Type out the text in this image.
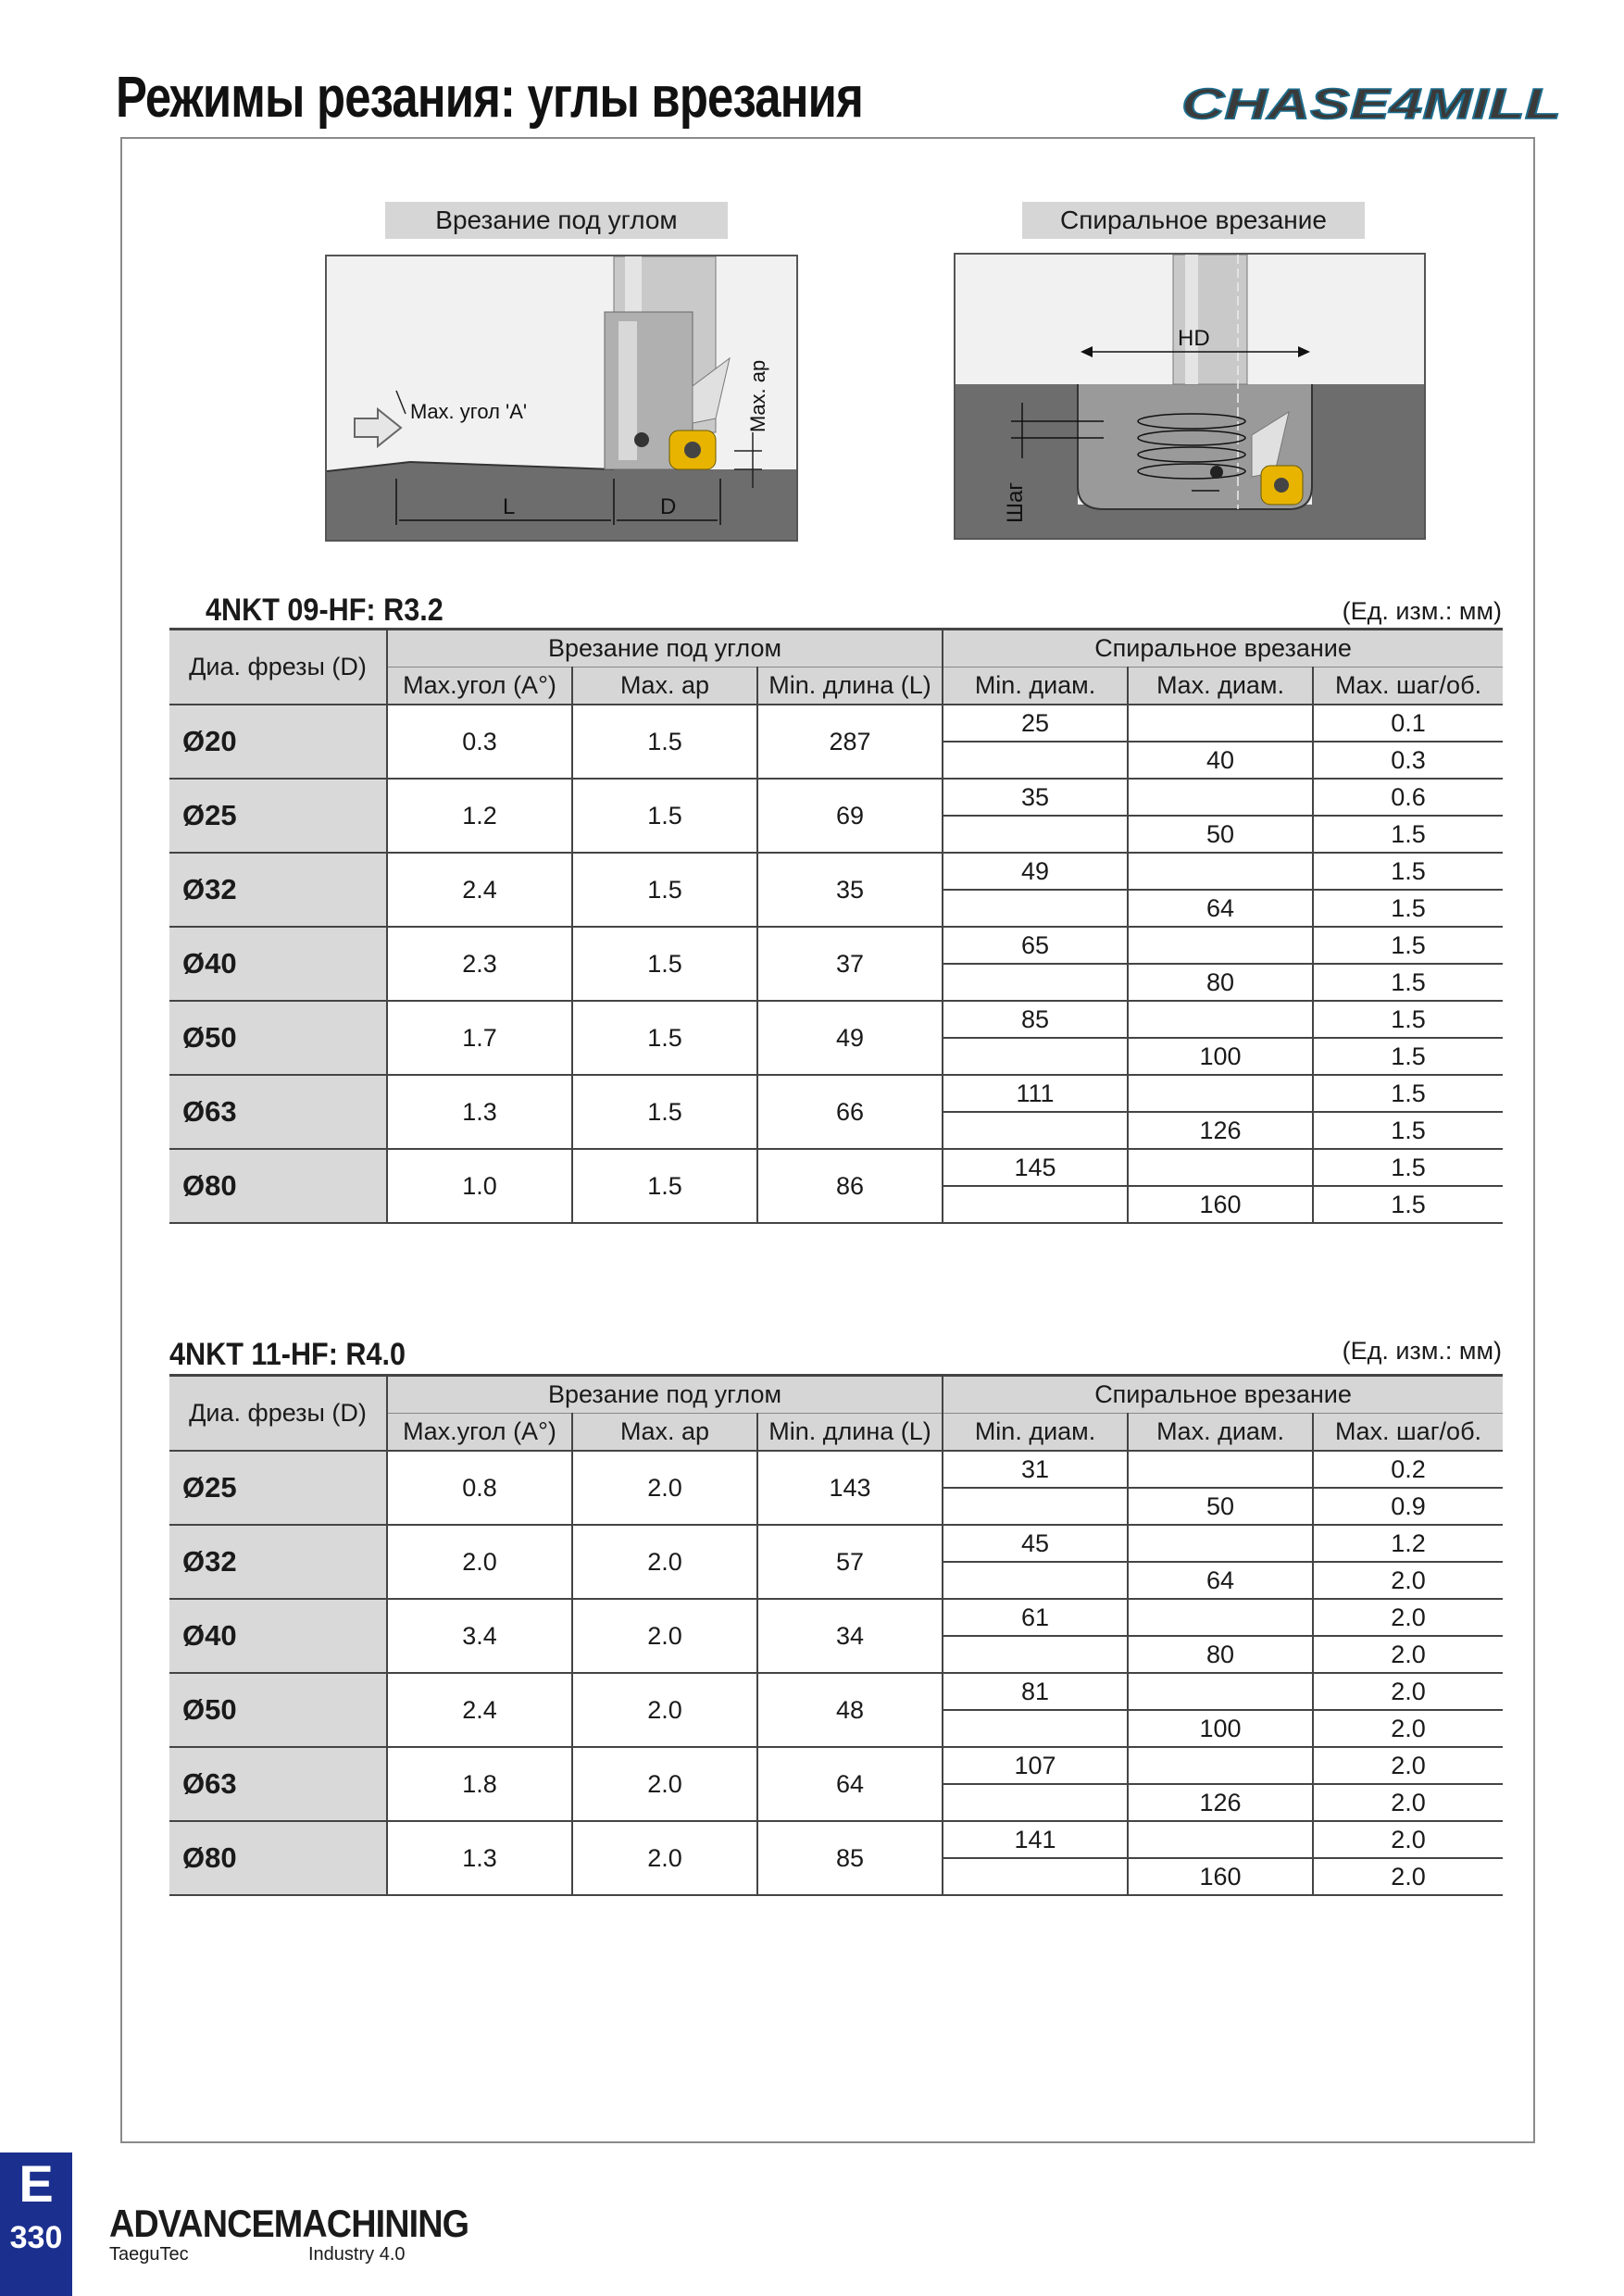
Режимы резания: углы врезания	CHASE4MILL
Врезание под углом
Max. угол 'A'	Max. ap
L	D
Спиральное врезание
HD
Шаг
4NKT 09-HF: R3.2	(Ед. изм.: мм)
Диа. фрезы (D)	Врезание под углом			Спиральное врезание		
	Max.угол (A°)	Max. ap	Min. длина (L)	Min. диам.	Max. диам.	Max. шаг/об.
Ø20	0.3	1.5	287	25		0.1
					40	0.3
Ø25	1.2	1.5	69	35		0.6
					50	1.5
Ø32	2.4	1.5	35	49		1.5
					64	1.5
Ø40	2.3	1.5	37	65		1.5
					80	1.5
Ø50	1.7	1.5	49	85		1.5
					100	1.5
Ø63	1.3	1.5	66	111		1.5
					126	1.5
Ø80	1.0	1.5	86	145		1.5
					160	1.5
4NKT 11-HF: R4.0	(Ед. изм.: мм)
Диа. фрезы (D)	Врезание под углом			Спиральное врезание		
	Max.угол (A°)	Max. ap	Min. длина (L)	Min. диам.	Max. диам.	Max. шаг/об.
Ø25	0.8	2.0	143	31		0.2
					50	0.9
Ø32	2.0	2.0	57	45		1.2
					64	2.0
Ø40	3.4	2.0	34	61		2.0
					80	2.0
Ø50	2.4	2.0	48	81		2.0
					100	2.0
Ø63	1.8	2.0	64	107		2.0
					126	2.0
Ø80	1.3	2.0	85	141		2.0
					160	2.0
E
330 ADVANCEMACHINING
TaeguTec	Industry 4.0
